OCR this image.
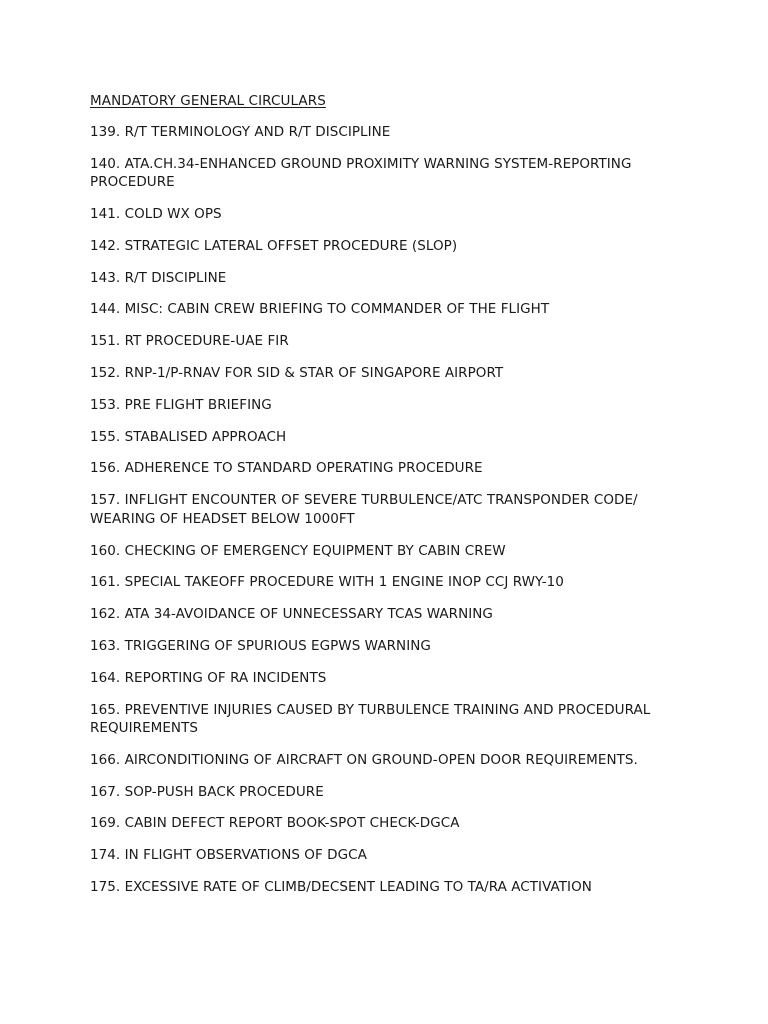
MANDATORY GENERAL CIRCULARS
139. R/T TERMINOLOGY AND R/T DISCIPLINE
140. ATA.CH.34-ENHANCED GROUND PROXIMITY WARNING SYSTEM-REPORTING PROCEDURE
141. COLD WX OPS
142. STRATEGIC LATERAL OFFSET PROCEDURE (SLOP)
143. R/T DISCIPLINE
144. MISC: CABIN CREW BRIEFING TO COMMANDER OF THE FLIGHT
151. RT PROCEDURE-UAE FIR
152. RNP-1/P-RNAV FOR SID & STAR OF SINGAPORE AIRPORT
153. PRE FLIGHT BRIEFING
155. STABALISED APPROACH
156. ADHERENCE TO STANDARD OPERATING PROCEDURE
157. INFLIGHT ENCOUNTER OF SEVERE TURBULENCE/ATC TRANSPONDER CODE/ WEARING OF HEADSET BELOW 1000FT
160. CHECKING OF EMERGENCY EQUIPMENT BY CABIN CREW
161. SPECIAL TAKEOFF PROCEDURE WITH 1 ENGINE INOP CCJ RWY-10
162. ATA 34-AVOIDANCE OF UNNECESSARY TCAS WARNING
163. TRIGGERING OF SPURIOUS EGPWS WARNING
164. REPORTING OF RA INCIDENTS
165. PREVENTIVE INJURIES CAUSED BY TURBULENCE TRAINING AND PROCEDURAL REQUIREMENTS
166. AIRCONDITIONING OF AIRCRAFT ON GROUND-OPEN DOOR REQUIREMENTS.
167. SOP-PUSH BACK PROCEDURE
169. CABIN DEFECT REPORT BOOK-SPOT CHECK-DGCA
174. IN FLIGHT OBSERVATIONS OF DGCA
175. EXCESSIVE RATE OF CLIMB/DECSENT LEADING TO TA/RA ACTIVATION
